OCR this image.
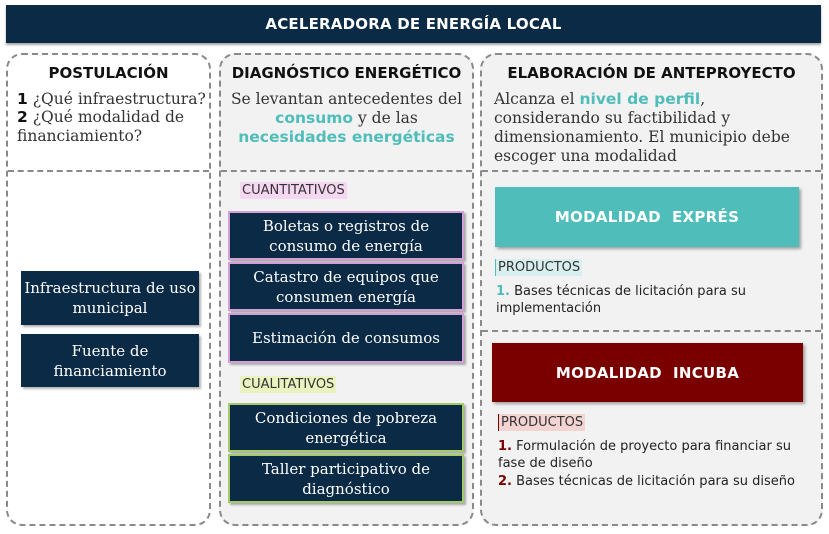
ACELERADORA DE ENERGÍA LOCAL
POSTULACIÓN
1 ¿Qué infraestructura?
2 ¿Qué modalidad de financiamiento?
Infraestructura de uso municipal
Fuente de financiamiento
DIAGNÓSTICO ENERGÉTICO
Se levantan antecedentes del consumo y de las necesidades energéticas
CUANTITATIVOS
Boletas o registros de consumo de energía
Catastro de equipos que consumen energía
Estimación de consumos
CUALITATIVOS
Condiciones de pobreza energética
Taller participativo de diagnóstico
ELABORACIÓN DE ANTEPROYECTO
Alcanza el nivel de perfil, considerando su factibilidad y dimensionamiento. El municipio debe escoger una modalidad
MODALIDAD  EXPRÉS
PRODUCTOS
1. Bases técnicas de licitación para su implementación
MODALIDAD  INCUBA
PRODUCTOS
1. Formulación de proyecto para financiar su fase de diseño
2. Bases técnicas de licitación para su diseño
